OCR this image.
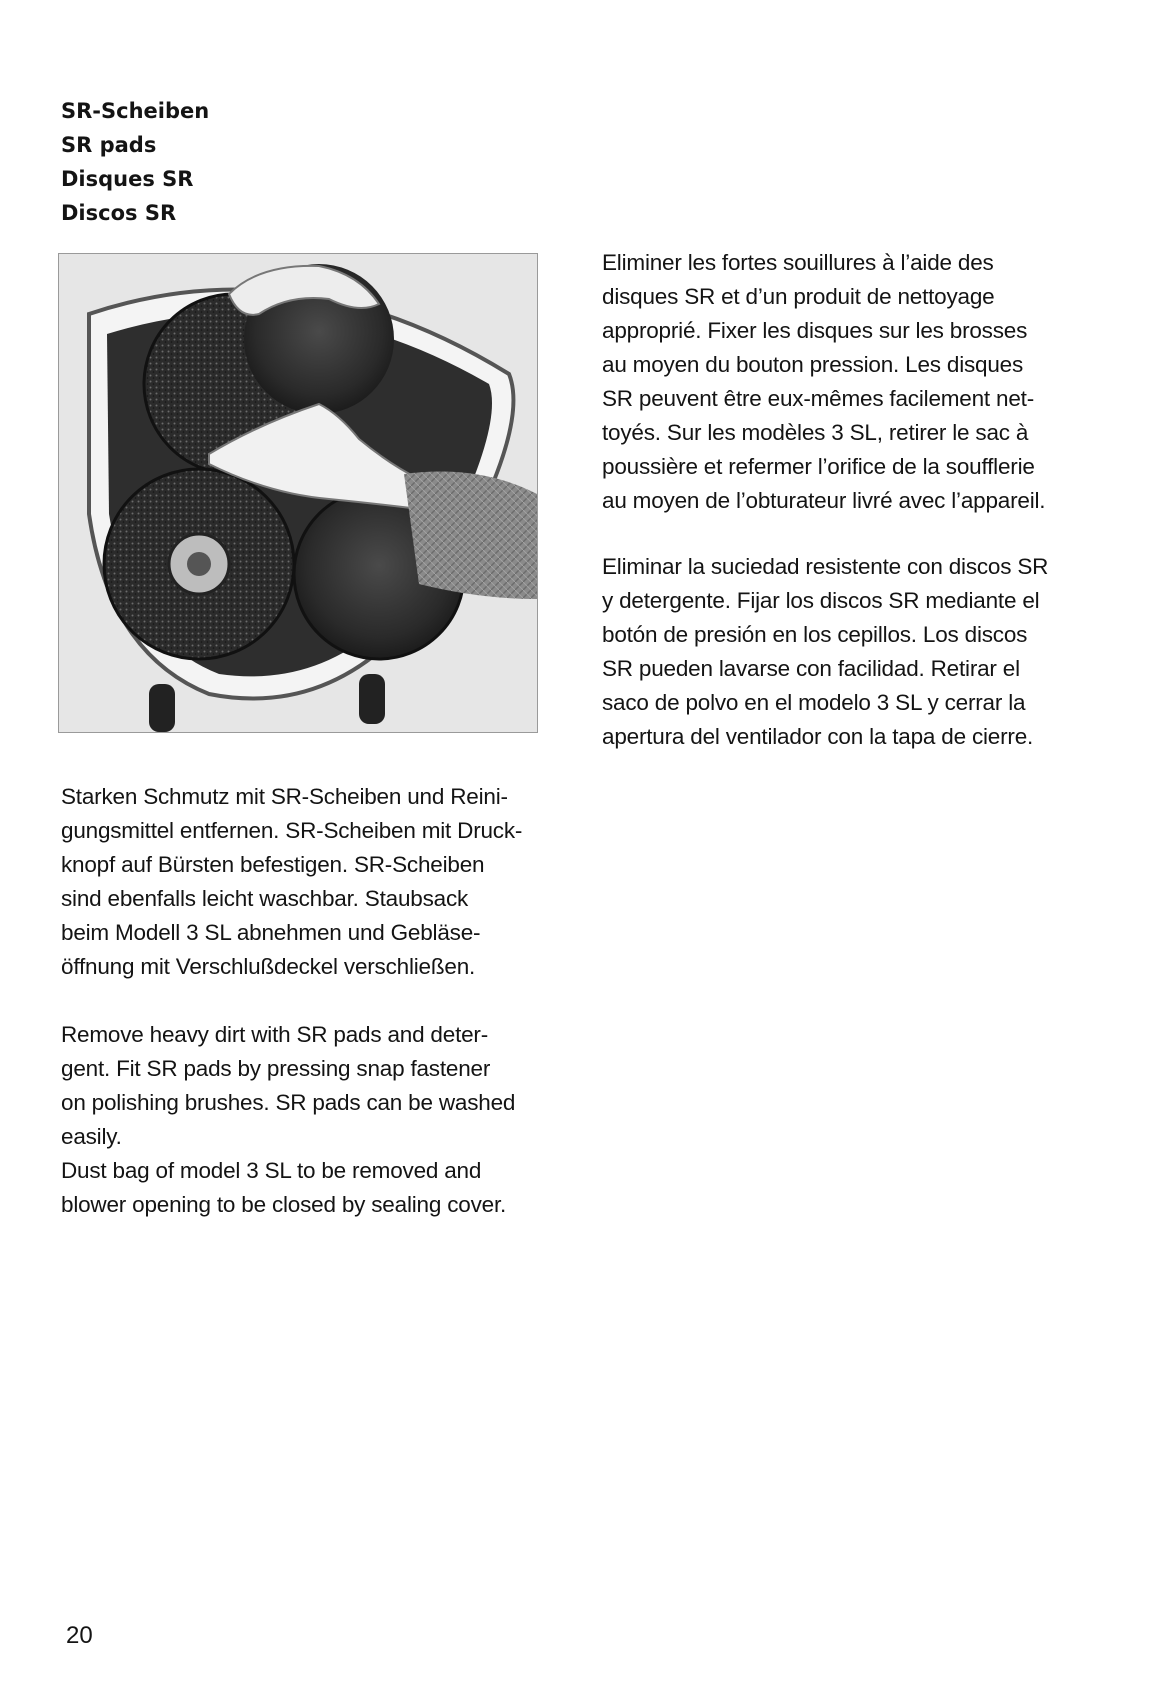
SR-Scheiben
SR pads
Disques SR
Discos SR
Eliminer les fortes souillures à l’aide des
disques SR et d’un produit de nettoyage
approprié. Fixer les disques sur les brosses
au moyen du bouton pression. Les disques
SR peuvent être eux-mêmes facilement net-
toyés. Sur les modèles 3 SL, retirer le sac à
poussière et refermer l’orifice de la soufflerie
au moyen de l’obturateur livré avec l’appareil.
Eliminar la suciedad resistente con discos SR
y detergente. Fijar los discos SR mediante el
botón de presión en los cepillos. Los discos
SR pueden lavarse con facilidad. Retirar el
saco de polvo en el modelo 3 SL y cerrar la
apertura del ventilador con la tapa de cierre.
Starken Schmutz mit SR-Scheiben und Reini-
gungsmittel entfernen. SR-Scheiben mit Druck-
knopf auf Bürsten befestigen. SR-Scheiben
sind ebenfalls leicht waschbar. Staubsack
beim Modell 3 SL abnehmen und Gebläse-
öffnung mit Verschlußdeckel verschließen.
Remove heavy dirt with SR pads and deter-
gent. Fit SR pads by pressing snap fastener
on polishing brushes. SR pads can be washed
easily.
Dust bag of model 3 SL to be removed and
blower opening to be closed by sealing cover.
20
